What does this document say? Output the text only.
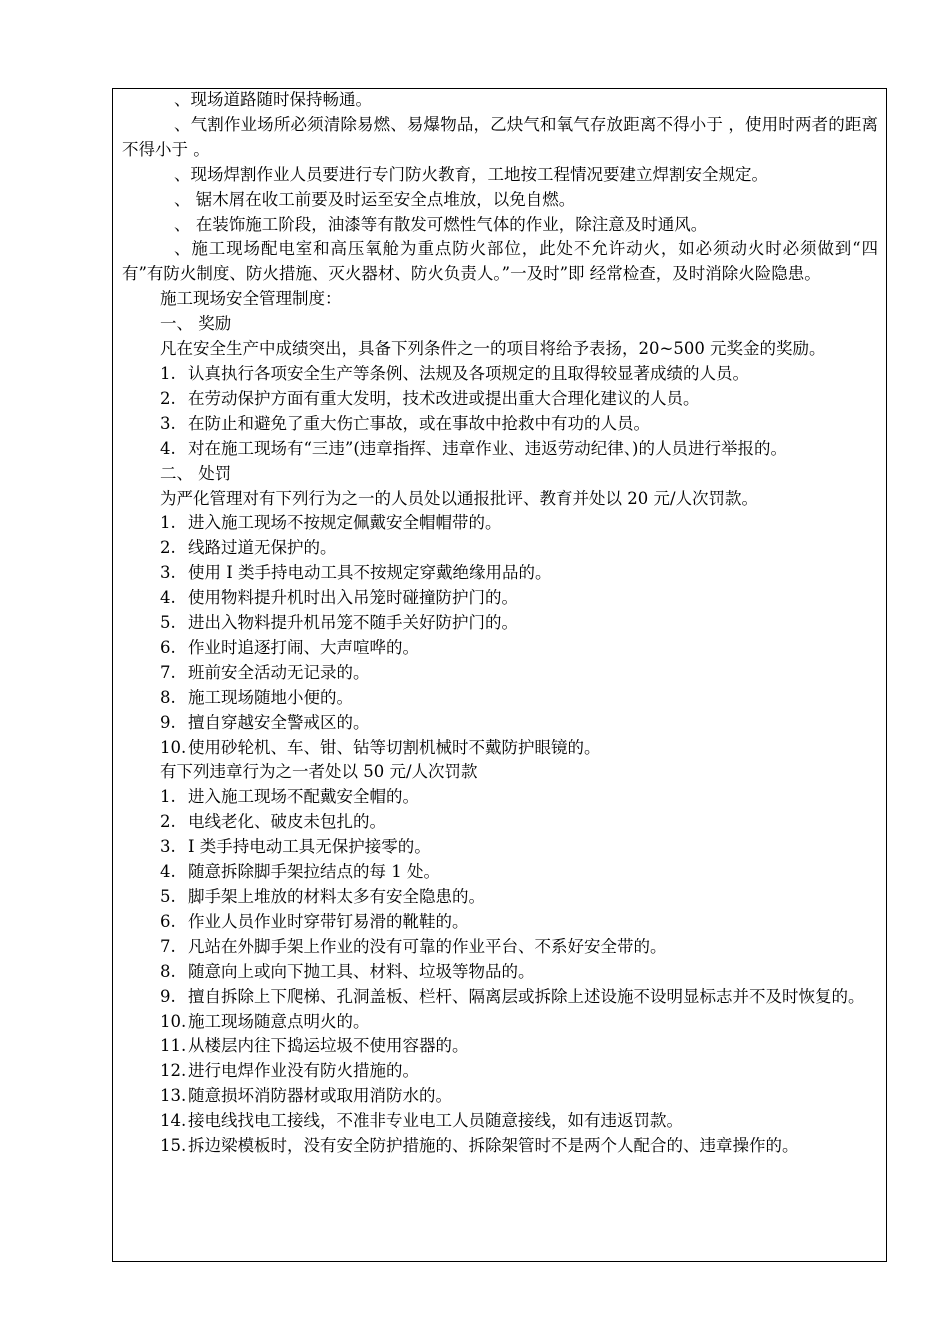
、现场道路随时保持畅通。

、气割作业场所必须清除易燃、易爆物品，乙炔气和氧气存放距离不得小于 ，使用时两者的距离不得小于 。

、现场焊割作业人员要进行专门防火教育，工地按工程情况要建立焊割安全规定。

、 锯木屑在收工前要及时运至安全点堆放，以免自燃。

、 在装饰施工阶段，油漆等有散发可燃性气体的作业，除注意及时通风。

、施工现场配电室和高压氧舱为重点防火部位，此处不允许动火，如必须动火时必须做到“四有”有防火制度、防火措施、灭火器材、防火负责人。”一及时”即 经常检查，及时消除火险隐患。

施工现场安全管理制度：

一、 奖励

凡在安全生产中成绩突出，具备下列条件之一的项目将给予表扬，20~500 元奖金的奖励。

1. 认真执行各项安全生产等条例、法规及各项规定的且取得较显著成绩的人员。

2. 在劳动保护方面有重大发明，技术改进或提出重大合理化建议的人员。

3. 在防止和避免了重大伤亡事故，或在事故中抢救中有功的人员。

4. 对在施工现场有“三违”(违章指挥、违章作业、违返劳动纪律、)的人员进行举报的。

二、 处罚

为严化管理对有下列行为之一的人员处以通报批评、教育并处以 20 元/人次罚款。

1. 进入施工现场不按规定佩戴安全帽帽带的。

2. 线路过道无保护的。

3. 使用 I 类手持电动工具不按规定穿戴绝缘用品的。

4. 使用物料提升机时出入吊笼时碰撞防护门的。

5. 进出入物料提升机吊笼不随手关好防护门的。

6. 作业时追逐打闹、大声喧哗的。

7. 班前安全活动无记录的。

8. 施工现场随地小便的。

9. 擅自穿越安全警戒区的。

10. 使用砂轮机、车、钳、钻等切割机械时不戴防护眼镜的。

有下列违章行为之一者处以 50 元/人次罚款

1. 进入施工现场不配戴安全帽的。

2. 电线老化、破皮未包扎的。

3. I 类手持电动工具无保护接零的。

4. 随意拆除脚手架拉结点的每 1 处。

5. 脚手架上堆放的材料太多有安全隐患的。

6. 作业人员作业时穿带钉易滑的靴鞋的。

7. 凡站在外脚手架上作业的没有可靠的作业平台、不系好安全带的。

8. 随意向上或向下抛工具、材料、垃圾等物品的。

9. 擅自拆除上下爬梯、孔洞盖板、栏杆、隔离层或拆除上述设施不设明显标志并不及时恢复的。

10. 施工现场随意点明火的。

11. 从楼层内往下捣运垃圾不使用容器的。

12. 进行电焊作业没有防火措施的。

13. 随意损坏消防器材或取用消防水的。

14. 接电线找电工接线，不准非专业电工人员随意接线，如有违返罚款。

15. 拆边梁模板时，没有安全防护措施的、拆除架管时不是两个人配合的、违章操作的。
